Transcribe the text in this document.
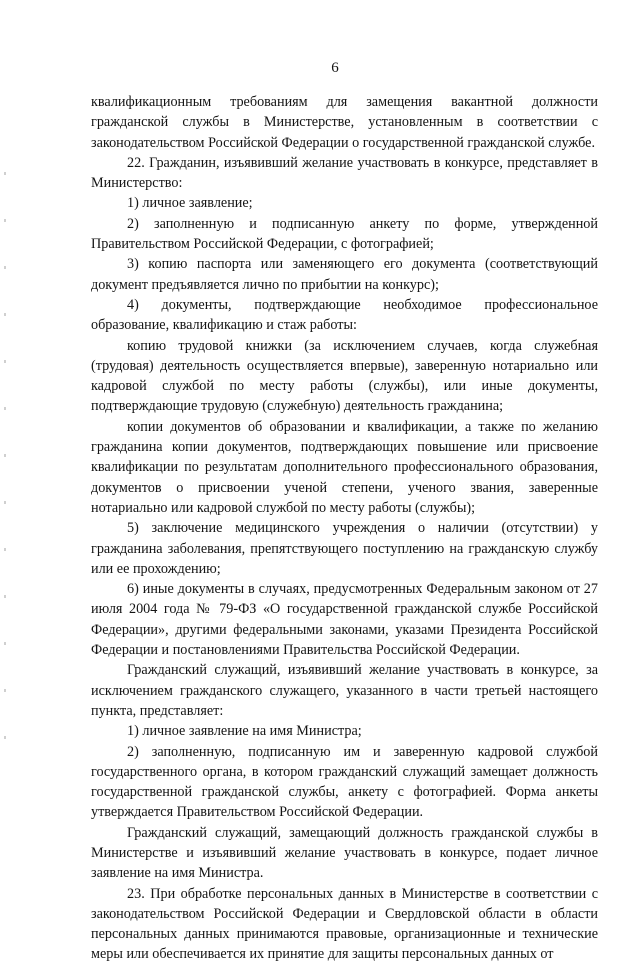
6

квалификационным требованиям для замещения вакантной должности гражданской службы в Министерстве, установленным в соответствии с законодательством Российской Федерации о государственной гражданской службе.

22. Гражданин, изъявивший желание участвовать в конкурсе, представляет в Министерство:

1) личное заявление;

2) заполненную и подписанную анкету по форме, утвержденной Правительством Российской Федерации, с фотографией;

3) копию паспорта или заменяющего его документа (соответствующий документ предъявляется лично по прибытии на конкурс);

4) документы, подтверждающие необходимое профессиональное образование, квалификацию и стаж работы:

копию трудовой книжки (за исключением случаев, когда служебная (трудовая) деятельность осуществляется впервые), заверенную нотариально или кадровой службой по месту работы (службы), или иные документы, подтверждающие трудовую (служебную) деятельность гражданина;

копии документов об образовании и квалификации, а также по желанию гражданина копии документов, подтверждающих повышение или присвоение квалификации по результатам дополнительного профессионального образования, документов о присвоении ученой степени, ученого звания, заверенные нотариально или кадровой службой по месту работы (службы);

5) заключение медицинского учреждения о наличии (отсутствии) у гражданина заболевания, препятствующего поступлению на гражданскую службу или ее прохождению;

6) иные документы в случаях, предусмотренных Федеральным законом от 27 июля 2004 года № 79-ФЗ «О государственной гражданской службе Российской Федерации», другими федеральными законами, указами Президента Российской Федерации и постановлениями Правительства Российской Федерации.

Гражданский служащий, изъявивший желание участвовать в конкурсе, за исключением гражданского служащего, указанного в части третьей настоящего пункта, представляет:

1) личное заявление на имя Министра;

2) заполненную, подписанную им и заверенную кадровой службой государственного органа, в котором гражданский служащий замещает должность государственной гражданской службы, анкету с фотографией. Форма анкеты утверждается Правительством Российской Федерации.

Гражданский служащий, замещающий должность гражданской службы в Министерстве и изъявивший желание участвовать в конкурсе, подает личное заявление на имя Министра.

23. При обработке персональных данных в Министерстве в соответствии с законодательством Российской Федерации и Свердловской области в области персональных данных принимаются правовые, организационные и технические меры или обеспечивается их принятие для защиты персональных данных от
